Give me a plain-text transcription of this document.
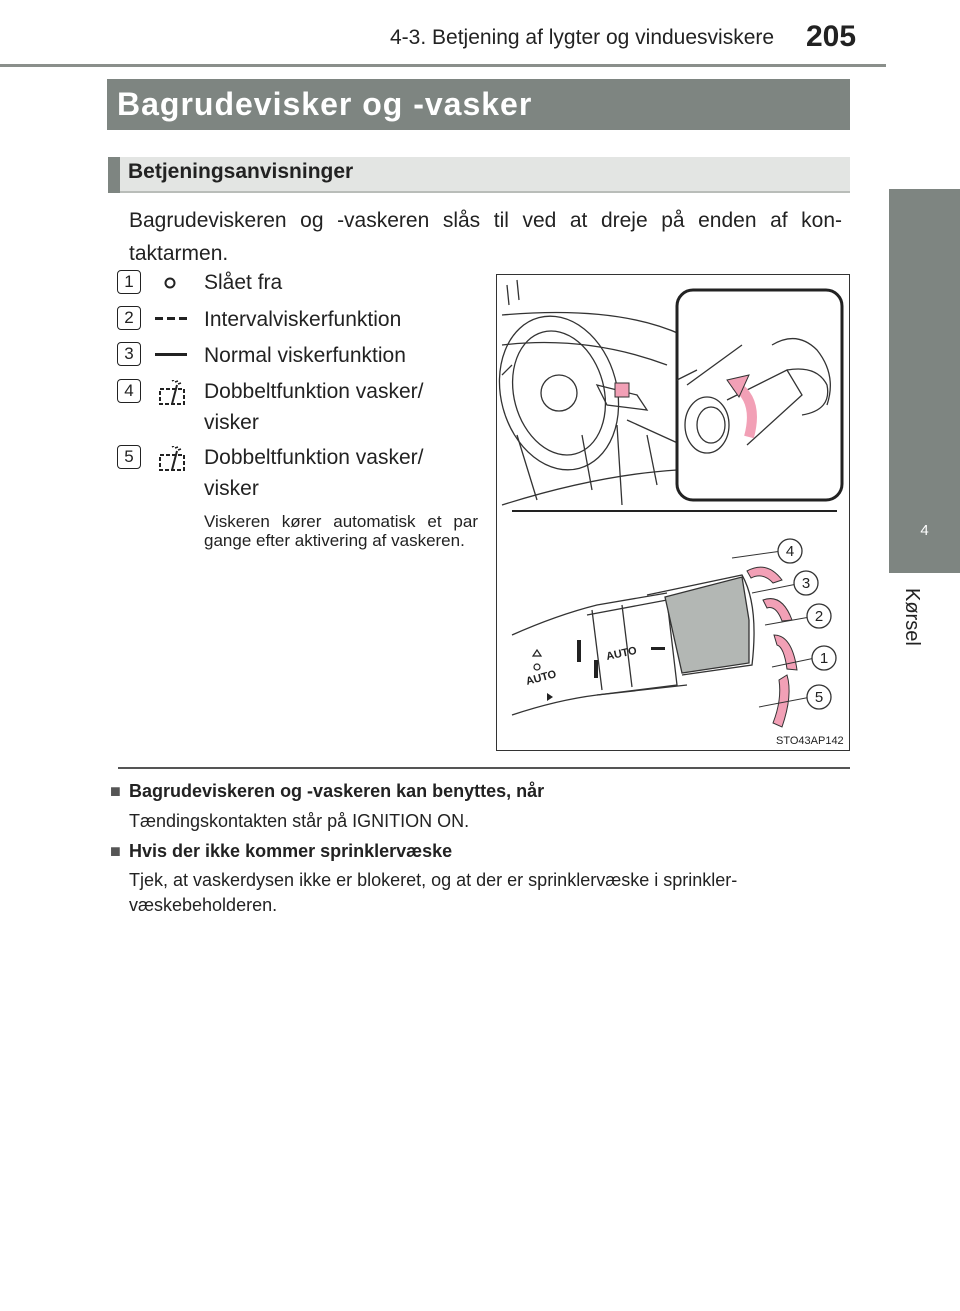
4-3. Betjening af lygter og vinduesviskere 205
4
Kørsel
Bagrudevisker og -vasker
Betjeningsanvisninger
Bagrudeviskeren og -vaskeren slås til ved at dreje på enden af kon-taktarmen.
1	Slået fra
2	Intervalviskerfunktion
3	Normal viskerfunktion
4	Dobbeltfunktion vasker/ visker
5	Dobbeltfunktion vasker/ visker
Viskeren kører automatisk et par gange efter aktivering af vaskeren.
AUTO
AUTO
4
3
2
1
5
STO43AP142
■ Bagrudeviskeren og -vaskeren kan benyttes, når
Tændingskontakten står på IGNITION ON.
■ Hvis der ikke kommer sprinklervæske
Tjek, at vaskerdysen ikke er blokeret, og at der er sprinklervæske i sprinkler-væskebeholderen.
